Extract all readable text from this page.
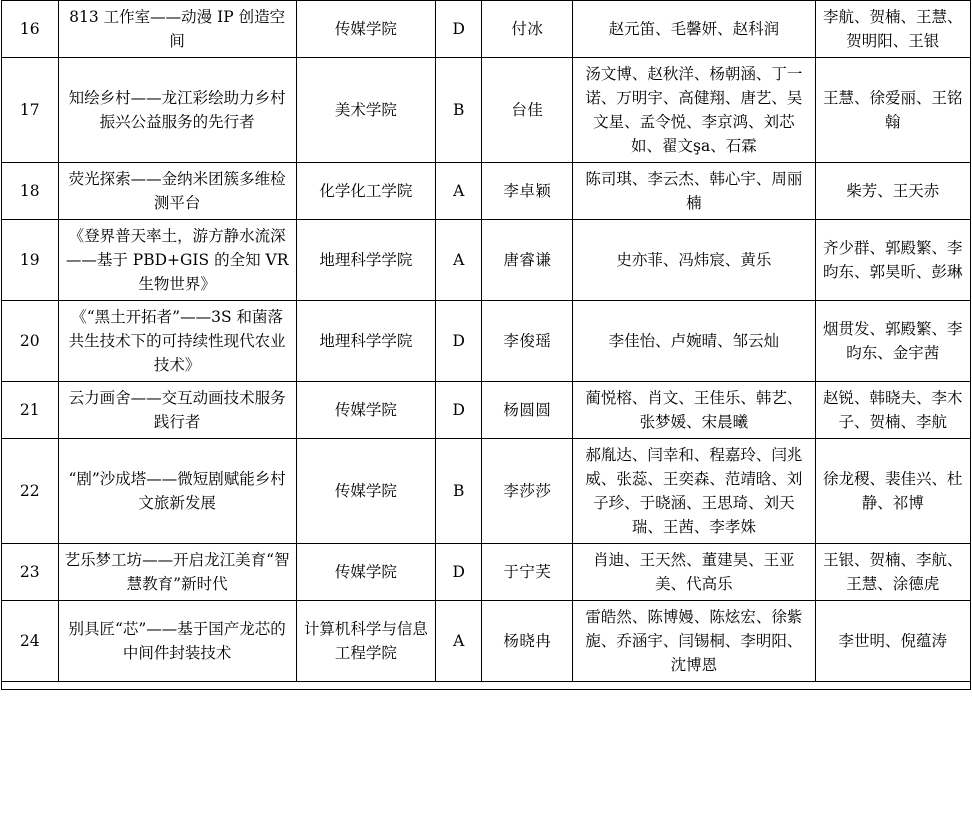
16	813 工作室——动漫 IP 创造空间	传媒学院	D	付冰	赵元笛、毛馨妍、赵科润	李航、贺楠、王慧、贺明阳、王银
17	知绘乡村——龙江彩绘助力乡村振兴公益服务的先行者	美术学院	B	台佳	汤文博、赵秋洋、杨朝涵、丁一诺、万明宇、高健翔、唐艺、吴文星、孟令悦、李京鸿、刘芯如、翟文şa、石霖	王慧、徐爱丽、王铭翰
18	荧光探索——金纳米团簇多维检测平台	化学化工学院	A	李卓颖	陈司琪、李云杰、韩心宇、周丽楠	柴芳、王天赤
19	《登界普天率土，游方静水流深——基于 PBD+GIS 的全知 VR 生物世界》	地理科学学院	A	唐睿谦	史亦菲、冯炜宸、黄乐	齐少群、郭殿繁、李昀东、郭昊昕、彭琳
20	《“黑土开拓者”——3S 和菌落共生技术下的可持续性现代农业技术》	地理科学学院	D	李俊瑶	李佳怡、卢婉晴、邹云灿	烟贯发、郭殿繁、李昀东、金宇茜
21	云力画舍——交互动画技术服务践行者	传媒学院	D	杨圆圆	蔺悦榕、肖文、王佳乐、韩艺、张梦媛、宋晨曦	赵锐、韩晓夫、李木子、贺楠、李航
22	“剧”沙成塔——微短剧赋能乡村文旅新发展	传媒学院	B	李莎莎	郝胤达、闫幸和、程嘉玲、闫兆威、张蕊、王奕森、范靖晗、刘子珍、于晓涵、王思琦、刘天瑞、王茜、李孝姝	徐龙稷、裴佳兴、杜静、祁博
23	艺乐梦工坊——开启龙江美育“智慧教育”新时代	传媒学院	D	于宁芺	肖迪、王天然、董建昊、王亚美、代高乐	王银、贺楠、李航、王慧、涂德虎
24	别具匠“芯”——基于国产龙芯的中间件封装技术	计算机科学与信息工程学院	A	杨晓冉	雷皓然、陈博嫚、陈炫宏、徐紫旎、乔涵宇、闫锡桐、李明阳、沈博恩	李世明、倪蕴涛
